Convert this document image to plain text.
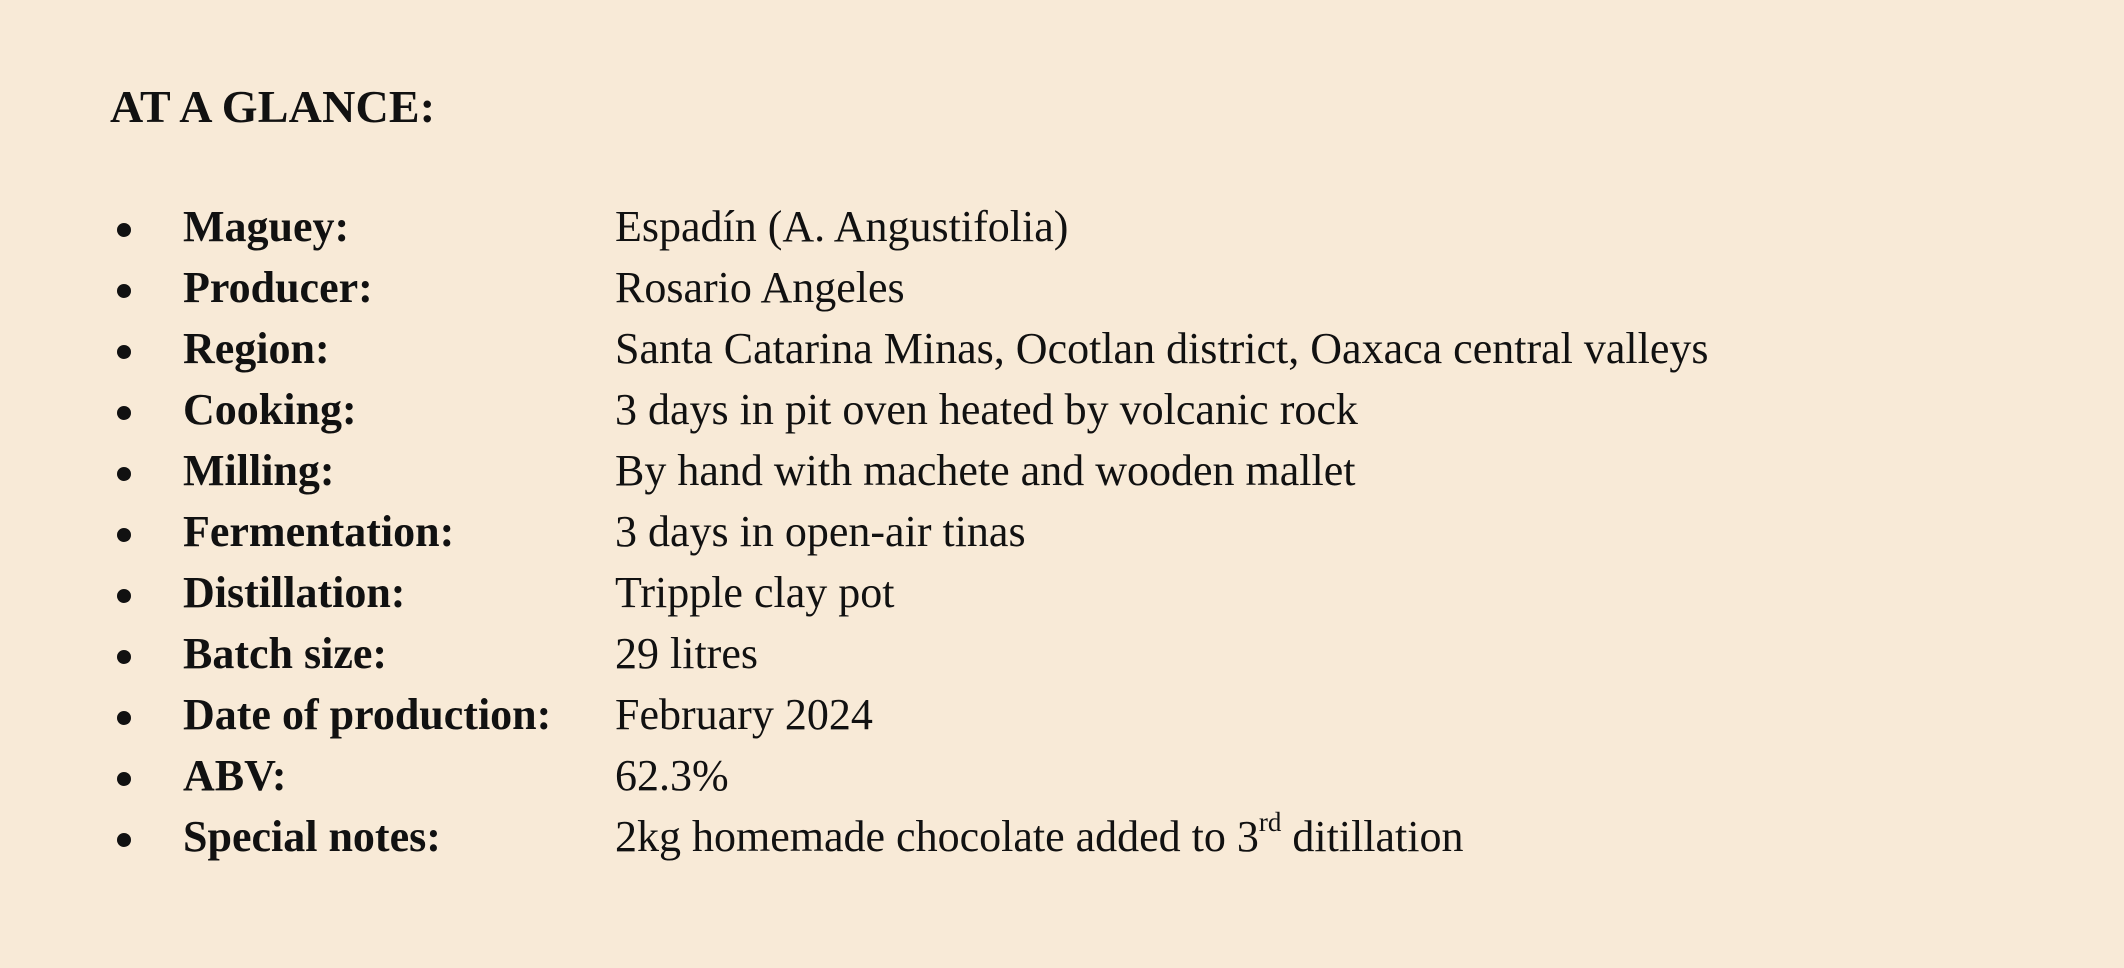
AT A GLANCE:
Maguey:	Espadín (A. Angustifolia)
Producer:	Rosario Angeles
Region:	Santa Catarina Minas, Ocotlan district, Oaxaca central valleys
Cooking:	3 days in pit oven heated by volcanic rock
Milling:	By hand with machete and wooden mallet
Fermentation:	3 days in open-air tinas
Distillation:	Tripple clay pot
Batch size:	29 litres
Date of production: February 2024
ABV:	62.3%
Special notes:	2kg homemade chocolate added to 3rd ditillation
